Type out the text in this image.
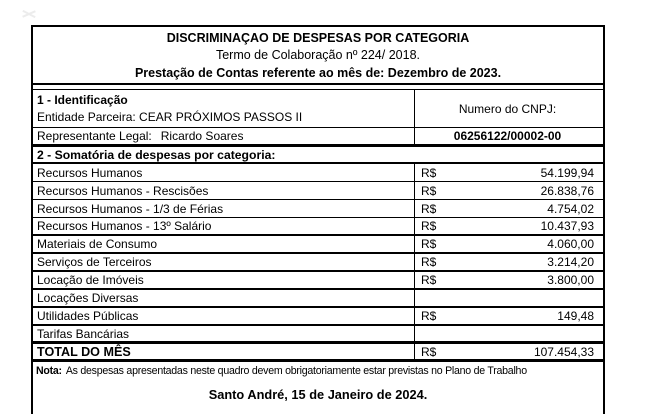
DISCRIMINAÇAO DE DESPESAS POR CATEGORIA
Termo de Colaboração nº 224/ 2018.
Prestação de Contas referente ao mês de: Dezembro de 2023.
1 - Identificação
Entidade Parceira: CEAR PRÓXIMOS PASSOS II
Numero do CNPJ:
Representante Legal: Ricardo Soares	06256122/00002-00
2 - Somatória de despesas por categoria:
Recursos Humanos	R$	54.199,94
Recursos Humanos - Rescisões	R$	26.838,76
Recursos Humanos - 1/3 de Férias	R$	4.754,02
Recursos Humanos - 13º Salário	R$	10.437,93
Materiais de Consumo	R$	4.060,00
Serviços de Terceiros	R$	3.214,20
Locação de Imóveis	R$	3.800,00
Locações Diversas
Utilidades Públicas	R$	149,48
Tarifas Bancárias
TOTAL DO MÊS	R$	107.454,33
Nota: As despesas apresentadas neste quadro devem obrigatoriamente estar previstas no Plano de Trabalho
Santo André, 15 de Janeiro de 2024.
